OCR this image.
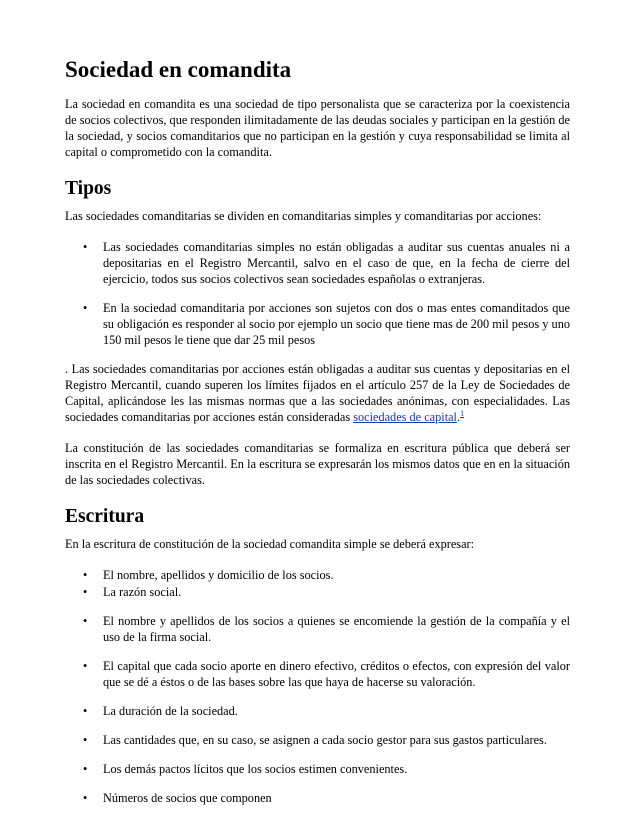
Sociedad en comandita

La sociedad en comandita es una sociedad de tipo personalista que se caracteriza por la coexistencia de socios colectivos, que responden ilimitadamente de las deudas sociales y participan en la gestión de la sociedad, y socios comanditarios que no participan en la gestión y cuya responsabilidad se limita al capital o comprometido con la comandita.

Tipos

Las sociedades comanditarias se dividen en comanditarias simples y comanditarias por acciones:

• Las sociedades comanditarias simples no están obligadas a auditar sus cuentas anuales ni a depositarias en el Registro Mercantil, salvo en el caso de que, en la fecha de cierre del ejercicio, todos sus socios colectivos sean sociedades españolas o extranjeras.
• En la sociedad comanditaria por acciones son sujetos con dos o mas entes comanditados que su obligación es responder al socio por ejemplo un socio que tiene mas de 200 mil pesos y uno 150 mil pesos le tiene que dar 25 mil pesos

. Las sociedades comanditarias por acciones están obligadas a auditar sus cuentas y depositarias en el Registro Mercantil, cuando superen los límites fijados en el artículo 257 de la Ley de Sociedades de Capital, aplicándose les las mismas normas que a las sociedades anónimas, con especialidades. Las sociedades comanditarias por acciones están consideradas sociedades de capital.$^1$

La constitución de las sociedades comanditarias se formaliza en escritura pública que deberá ser inscrita en el Registro Mercantil. En la escritura se expresarán los mismos datos que en en la situación de las sociedades colectivas.

Escritura

En la escritura de constitución de la sociedad comandita simple se deberá expresar:

• El nombre, apellidos y domicilio de los socios.
• La razón social.
• El nombre y apellidos de los socios a quienes se encomiende la gestión de la compañía y el uso de la firma social.
• El capital que cada socio aporte en dinero efectivo, créditos o efectos, con expresión del valor que se dé a éstos o de las bases sobre las que haya de hacerse su valoración.
• La duración de la sociedad.
• Las cantidades que, en su caso, se asignen a cada socio gestor para sus gastos particulares.
• Los demás pactos lícitos que los socios estimen convenientes.
• Números de socios que componen
